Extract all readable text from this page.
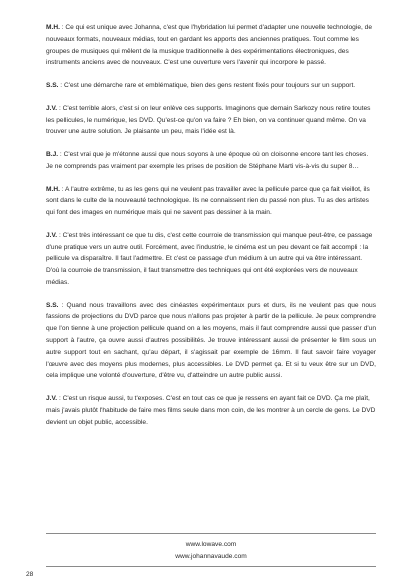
M.H. : Ce qui est unique avec Johanna, c'est que l'hybridation lui permet d'adapter une nouvelle technologie, de nouveaux formats, nouveaux médias, tout en gardant les apports des anciennes pratiques. Tout comme les groupes de musiques qui mêlent de la musique traditionnelle à des expérimentations électroniques, des instruments anciens avec de nouveaux. C'est une ouverture vers l'avenir qui incorpore le passé.

S.S. : C'est une démarche rare et emblématique, bien des gens restent fixés pour toujours sur un support.

J.V. : C'est terrible alors, c'est si on leur enlève ces supports. Imaginons que demain Sarkozy nous retire toutes les pellicules, le numérique, les DVD. Qu'est-ce qu'on va faire ? Eh bien, on va continuer quand même. On va trouver une autre solution. Je plaisante un peu, mais l'idée est là.

B.J. : C'est vrai que je m'étonne aussi que nous soyons à une époque où on cloisonne encore tant les choses. Je ne comprends pas vraiment par exemple les prises de position de Stéphane Marti vis-à-vis du super 8…

M.H. : A l'autre extrême, tu as les gens qui ne veulent pas travailler avec la pellicule parce que ça fait vieillot, ils sont dans le culte de la nouveauté technologique. Ils ne connaissent rien du passé non plus. Tu as des artistes qui font des images en numérique mais qui ne savent pas dessiner à la main.

J.V. : C'est très intéressant ce que tu dis, c'est cette courroie de transmission qui manque peut-être, ce passage d'une pratique vers un autre outil. Forcément, avec l'industrie, le cinéma est un peu devant ce fait accompli : la pellicule va disparaître. Il faut l'admettre. Et c'est ce passage d'un médium à un autre qui va être intéressant. D'où la courroie de transmission, il faut transmettre des techniques qui ont été explorées vers de nouveaux médias.

S.S. : Quand nous travaillons avec des cinéastes expérimentaux purs et durs, ils ne veulent pas que nous fassions de projections du DVD parce que nous n'allons pas projeter à partir de la pellicule. Je peux comprendre que l'on tienne à une projection pellicule quand on a les moyens, mais il faut comprendre aussi que passer d'un support à l'autre, ça ouvre aussi d'autres possibilités. Je trouve intéressant aussi de présenter le film sous un autre support tout en sachant, qu'au départ, il s'agissait par exemple de 16mm. Il faut savoir faire voyager l'œuvre avec des moyens plus modernes, plus accessibles. Le DVD permet ça. Et si tu veux être sur un DVD, cela implique une volonté d'ouverture, d'être vu, d'atteindre un autre public aussi.

J.V. : C'est un risque aussi, tu t'exposes. C'est en tout cas ce que je ressens en ayant fait ce DVD. Ça me plaît, mais j'avais plutôt l'habitude de faire mes films seule dans mon coin, de les montrer à un cercle de gens. Le DVD devient un objet public, accessible.

www.lowave.com
www.johannavaude.com
28
